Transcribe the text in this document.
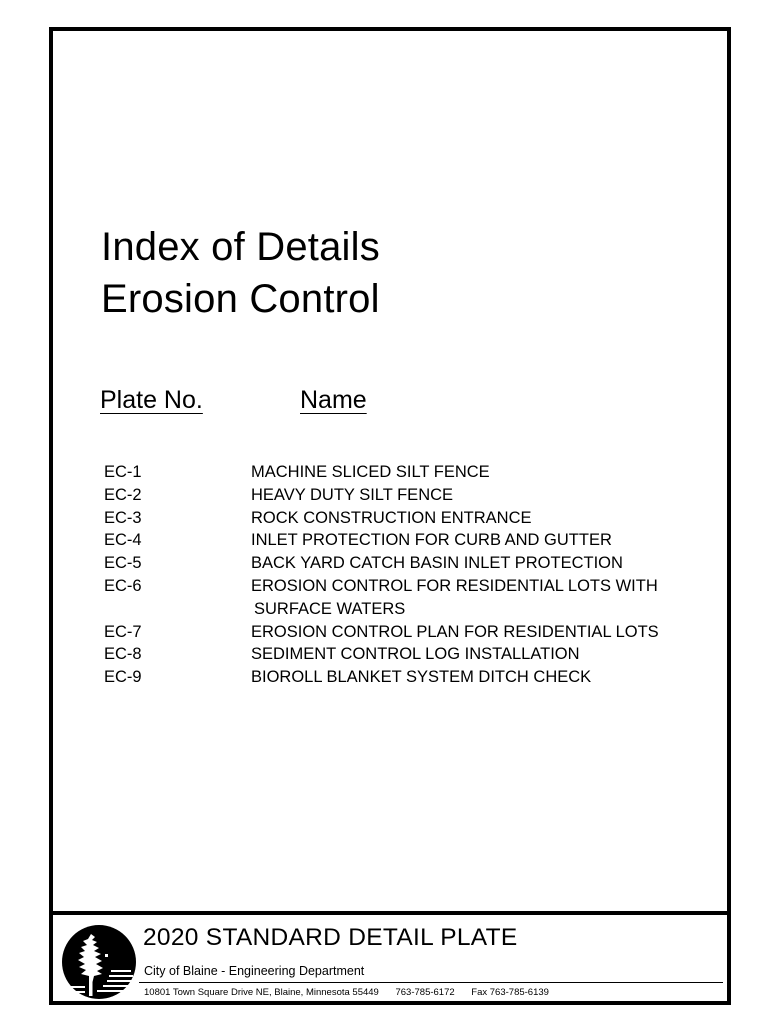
Index of Details
Erosion Control
Plate No.	Name
EC-1	MACHINE SLICED SILT FENCE
EC-2	HEAVY DUTY SILT FENCE
EC-3	ROCK CONSTRUCTION ENTRANCE
EC-4	INLET PROTECTION FOR CURB AND GUTTER
EC-5	BACK YARD CATCH BASIN INLET PROTECTION
EC-6	EROSION CONTROL FOR RESIDENTIAL LOTS WITH
SURFACE WATERS
EC-7	EROSION CONTROL PLAN FOR RESIDENTIAL LOTS
EC-8	SEDIMENT CONTROL LOG INSTALLATION
EC-9	BIOROLL BLANKET SYSTEM DITCH CHECK
2020 STANDARD DETAIL PLATE
City of Blaine - Engineering Department
10801 Town Square Drive NE, Blaine, Minnesota 55449 763-785-6172 Fax 763-785-6139
